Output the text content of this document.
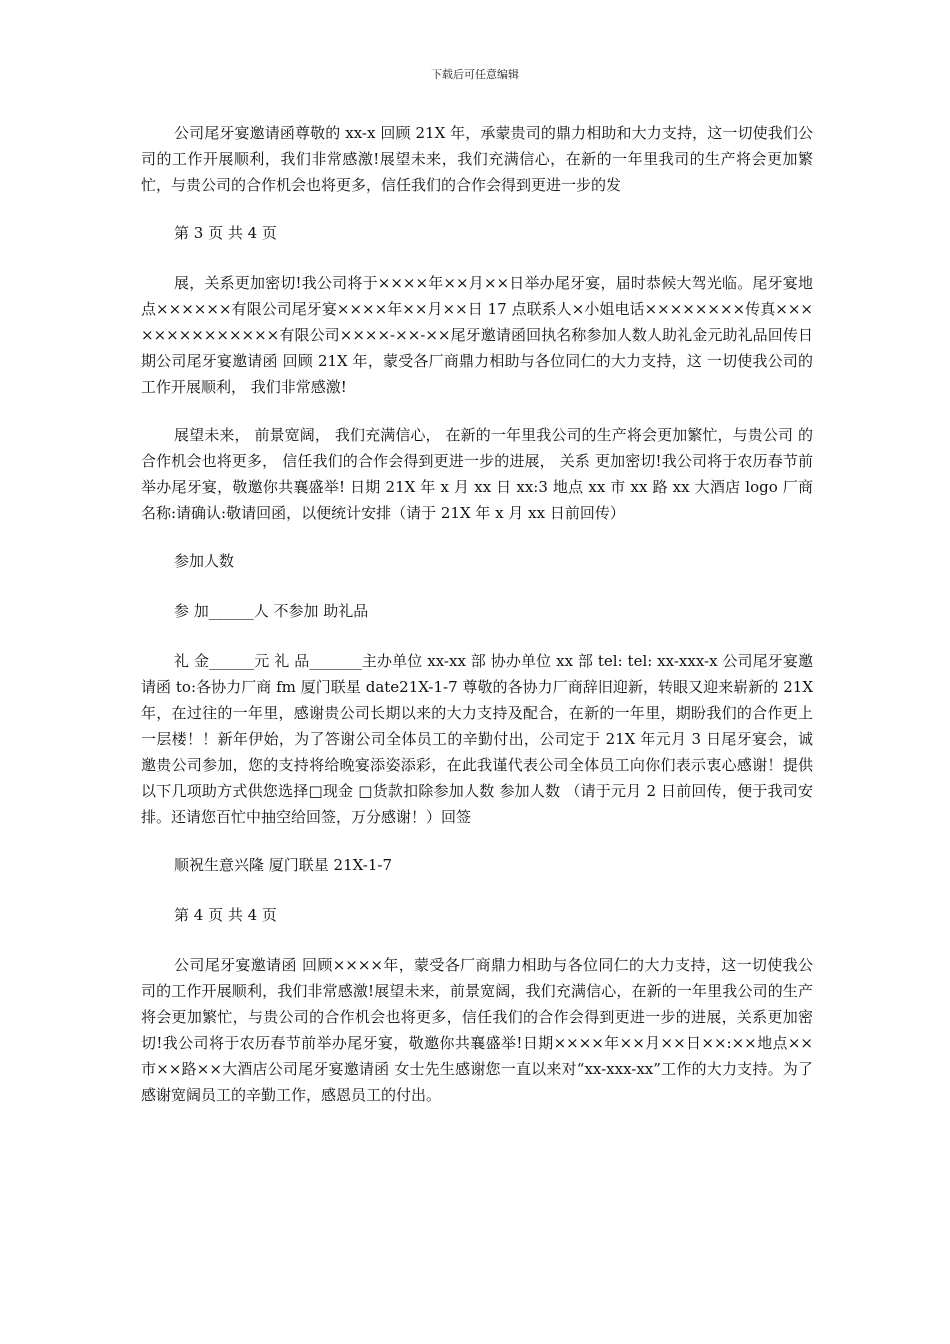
下载后可任意编辑

公司尾牙宴邀请函尊敬的 xx-x 回顾 21X 年，承蒙贵司的鼎力相助和大力支持，这一切使我们公司的工作开展顺利，我们非常感激!展望未来，我们充满信心，在新的一年里我司的生产将会更加繁忙，与贵公司的合作机会也将更多，信任我们的合作会得到更进一步的发

第 3 页 共 4 页

展，关系更加密切!我公司将于××××年××月××日举办尾牙宴，届时恭候大驾光临。尾牙宴地点××××××有限公司尾牙宴××××年××月××日 17 点联系人×小姐电话××××××××传真××××××××××××××有限公司××××-××-××尾牙邀请函回执名称参加人数人助礼金元助礼品回传日期公司尾牙宴邀请函 回顾 21X 年，蒙受各厂商鼎力相助与各位同仁的大力支持，这 一切使我公司的工作开展顺利， 我们非常感激!

展望未来， 前景宽阔， 我们充满信心， 在新的一年里我公司的生产将会更加繁忙，与贵公司 的合作机会也将更多， 信任我们的合作会得到更进一步的进展， 关系 更加密切!我公司将于农历春节前举办尾牙宴，敬邀你共襄盛举! 日期 21X 年 x 月 xx 日 xx:3 地点 xx 市 xx 路 xx 大酒店 logo 厂商名称:请确认:敬请回函，以便统计安排（请于 21X 年 x 月 xx 日前回传）

参加人数

参 加______人 不参加 助礼品

礼 金______元 礼 品_______主办单位 xx-xx 部 协办单位 xx 部 tel: tel: xx-xxx-x 公司尾牙宴邀请函 to:各协力厂商 fm 厦门联星 date21X-1-7 尊敬的各协力厂商辞旧迎新，转眼又迎来崭新的 21X 年，在过往的一年里，感谢贵公司长期以来的大力支持及配合，在新的一年里，期盼我们的合作更上一层楼！！新年伊始，为了答谢公司全体员工的辛勤付出，公司定于 21X 年元月 3 日尾牙宴会，诚邀贵公司参加，您的支持将给晚宴添姿添彩，在此我谨代表公司全体员工向你们表示衷心感谢！提供以下几项助方式供您选择□现金 □货款扣除参加人数 参加人数 （请于元月 2 日前回传，便于我司安排。还请您百忙中抽空给回签，万分感谢！）回签

顺祝生意兴隆 厦门联星 21X-1-7

第 4 页 共 4 页

公司尾牙宴邀请函 回顾××××年，蒙受各厂商鼎力相助与各位同仁的大力支持，这一切使我公司的工作开展顺利，我们非常感激!展望未来，前景宽阔，我们充满信心，在新的一年里我公司的生产将会更加繁忙，与贵公司的合作机会也将更多，信任我们的合作会得到更进一步的进展，关系更加密切!我公司将于农历春节前举办尾牙宴，敬邀你共襄盛举!日期××××年××月××日××:××地点××市××路××大酒店公司尾牙宴邀请函 女士先生感谢您一直以来对“xx-xxx-xx”工作的大力支持。为了感谢宽阔员工的辛勤工作，感恩员工的付出。
